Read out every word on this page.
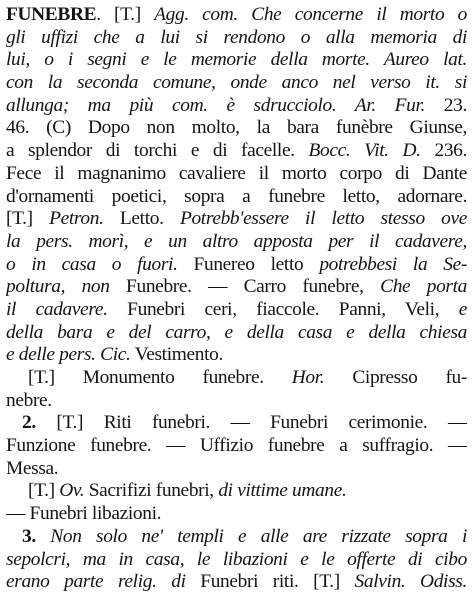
FUNEBRE. [T.] Agg. com. Che concerne il morto o
gli uffizi che a lui si rendono o alla memoria di
lui, o i segni e le memorie della morte. Aureo lat.
con la seconda comune, onde anco nel verso it. si
allunga; ma più com. è sdrucciolo. Ar. Fur. 23.
46. (C) Dopo non molto, la bara funèbre Giunse,
a splendor di torchi e di facelle. Bocc. Vit. D. 236.
Fece il magnanimo cavaliere il morto corpo di Dante
d'ornamenti poetici, sopra a funebre letto, adornare.
[T.] Petron. Letto. Potrebb'essere il letto stesso ove
la pers. morì, e un altro apposta per il cadavere,
o in casa o fuori. Funereo letto potrebbesi la Se-
poltura, non Funebre. — Carro funebre, Che porta
il cadavere. Funebri ceri, fiaccole. Panni, Veli, e
della bara e del carro, e della casa e della chiesa
e delle pers. Cic. Vestimento.
[T.] Monumento funebre. Hor. Cipresso fu-
nebre.
2. [T.] Riti funebri. — Funebri cerimonie. —
Funzione funebre. — Uffizio funebre a suffragio. —
Messa.
[T.] Ov. Sacrifizi funebri, di vittime umane.
— Funebri libazioni.
3. Non solo ne' templi e alle are rizzate sopra i
sepolcri, ma in casa, le libazioni e le offerte di cibo
erano parte relig. di Funebri riti. [T.] Salvin. Odiss.
